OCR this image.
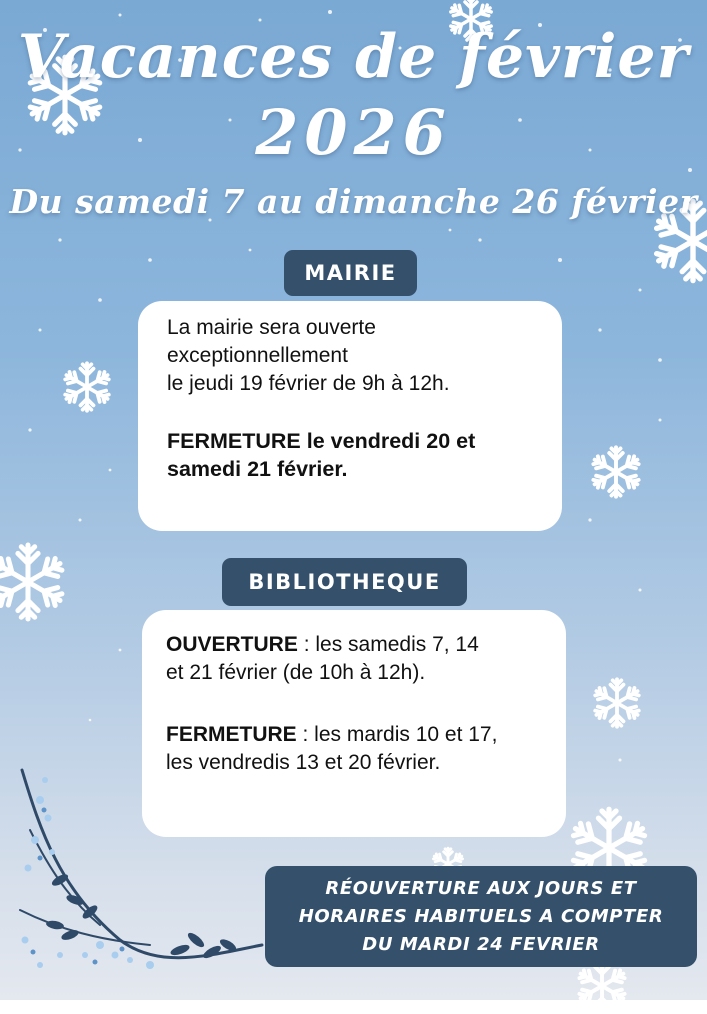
Vacances de février
2026
Du samedi 7 au dimanche 26 février
MAIRIE

La mairie sera ouverte
exceptionnellement
le jeudi 19 février de 9h à 12h.

FERMETURE le vendredi 20 et
samedi 21 février.

BIBLIOTHEQUE

OUVERTURE : les samedis 7, 14
et 21 février (de 10h à 12h).

FERMETURE : les mardis 10 et 17,
les vendredis 13 et 20 février.

RÉOUVERTURE AUX JOURS ET
HORAIRES HABITUELS A COMPTER
DU MARDI 24 FEVRIER
